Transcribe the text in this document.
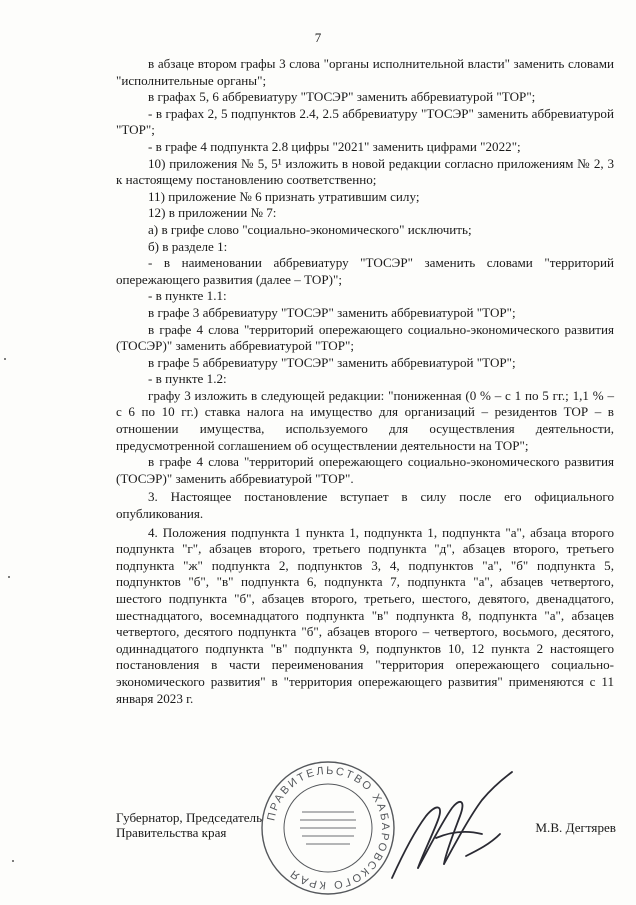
7

в абзаце втором графы 3 слова "органы исполнительной власти" заменить словами "исполнительные органы";

в графах 5, 6 аббревиатуру "ТОСЭР" заменить аббревиатурой "ТОР";

- в графах 2, 5 подпунктов 2.4, 2.5 аббревиатуру "ТОСЭР" заменить аббревиатурой "ТОР";

- в графе 4 подпункта 2.8 цифры "2021" заменить цифрами "2022";

10) приложения № 5, 5¹ изложить в новой редакции согласно приложениям № 2, 3 к настоящему постановлению соответственно;

11) приложение № 6 признать утратившим силу;

12) в приложении № 7:

а) в грифе слово "социально-экономического" исключить;

б) в разделе 1:

- в наименовании аббревиатуру "ТОСЭР" заменить словами "территорий опережающего развития (далее – ТОР)";

- в пункте 1.1:

в графе 3 аббревиатуру "ТОСЭР" заменить аббревиатурой "ТОР";

в графе 4 слова "территорий опережающего социально-экономического развития (ТОСЭР)" заменить аббревиатурой "ТОР";

в графе 5 аббревиатуру "ТОСЭР" заменить аббревиатурой "ТОР";

- в пункте 1.2:

графу 3 изложить в следующей редакции: "пониженная (0 % – с 1 по 5 гг.; 1,1 % – с 6 по 10 гг.) ставка налога на имущество для организаций – резидентов ТОР – в отношении имущества, используемого для осуществления деятельности, предусмотренной соглашением об осуществлении деятельности на ТОР";

в графе 4 слова "территорий опережающего социально-экономического развития (ТОСЭР)" заменить аббревиатурой "ТОР".

3. Настоящее постановление вступает в силу после его официального опубликования.

4. Положения подпункта 1 пункта 1, подпункта 1, подпункта "а", абзаца второго подпункта "г", абзацев второго, третьего подпункта "д", абзацев второго, третьего подпункта "ж" подпункта 2, подпунктов 3, 4, подпунктов "а", "б" подпункта 5, подпунктов "б", "в" подпункта 6, подпункта 7, подпункта "а", абзацев четвертого, шестого подпункта "б", абзацев второго, третьего, шестого, девятого, двенадцатого, шестнадцатого, восемнадцатого подпункта "в" подпункта 8, подпункта "а", абзацев четвертого, десятого подпункта "б", абзацев второго – четвертого, восьмого, десятого, одиннадцатого подпункта "в" подпункта 9, подпунктов 10, 12 пункта 2 настоящего постановления в части переименования "территория опережающего социально-экономического развития" в "территория опережающего развития" применяются с 11 января 2023 г.

ПРАВИТЕЛЬСТВО ХАБАРОВСКОГО КРАЯ
Губернатор, Председатель Правительства края	М.В. Дегтярев
